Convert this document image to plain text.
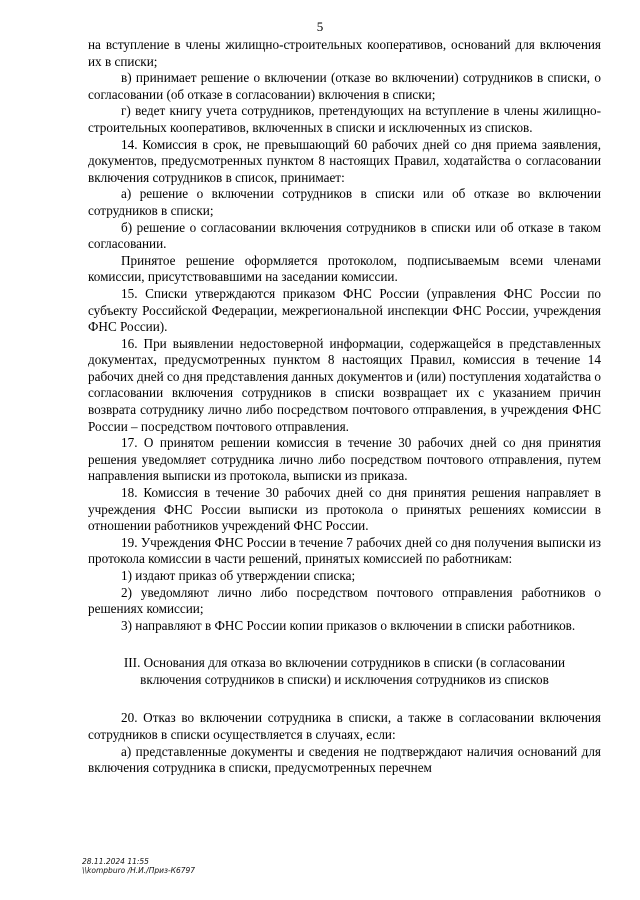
5

на вступление в члены жилищно-строительных кооперативов, оснований для включения их в списки;

в) принимает решение о включении (отказе во включении) сотрудников в списки, о согласовании (об отказе в согласовании) включения в списки;

г) ведет книгу учета сотрудников, претендующих на вступление в члены жилищно-строительных кооперативов, включенных в списки и исключенных из списков.

14. Комиссия в срок, не превышающий 60 рабочих дней со дня приема заявления, документов, предусмотренных пунктом 8 настоящих Правил, ходатайства о согласовании включения сотрудников в список, принимает:

а) решение о включении сотрудников в списки или об отказе во включении сотрудников в списки;

б) решение о согласовании включения сотрудников в списки или об отказе в таком согласовании.

Принятое решение оформляется протоколом, подписываемым всеми членами комиссии, присутствовавшими на заседании комиссии.

15. Списки утверждаются приказом ФНС России (управления ФНС России по субъекту Российской Федерации, межрегиональной инспекции ФНС России, учреждения ФНС России).

16. При выявлении недостоверной информации, содержащейся в представленных документах, предусмотренных пунктом 8 настоящих Правил, комиссия в течение 14 рабочих дней со дня представления данных документов и (или) поступления ходатайства о согласовании включения сотрудников в списки возвращает их с указанием причин возврата сотруднику лично либо посредством почтового отправления, в учреждения ФНС России – посредством почтового отправления.

17. О принятом решении комиссия в течение 30 рабочих дней со дня принятия решения уведомляет сотрудника лично либо посредством почтового отправления, путем направления выписки из протокола, выписки из приказа.

18. Комиссия в течение 30 рабочих дней со дня принятия решения направляет в учреждения ФНС России выписки из протокола о принятых решениях комиссии в отношении работников учреждений ФНС России.

19. Учреждения ФНС России в течение 7 рабочих дней со дня получения выписки из протокола комиссии в части решений, принятых комиссией по работникам:

1) издают приказ об утверждении списка;

2) уведомляют лично либо посредством почтового отправления работников о решениях комиссии;

3) направляют в ФНС России копии приказов о включении в списки работников.

III. Основания для отказа во включении сотрудников в списки (в согласовании включения сотрудников в списки) и исключения сотрудников из списков

20. Отказ во включении сотрудника в списки, а также в согласовании включения сотрудников в списки осуществляется в случаях, если:

а) представленные документы и сведения не подтверждают наличия оснований для включения сотрудника в списки, предусмотренных перечнем

28.11.2024 11:55
\\kompburo /Н.И./Приз-К6797
